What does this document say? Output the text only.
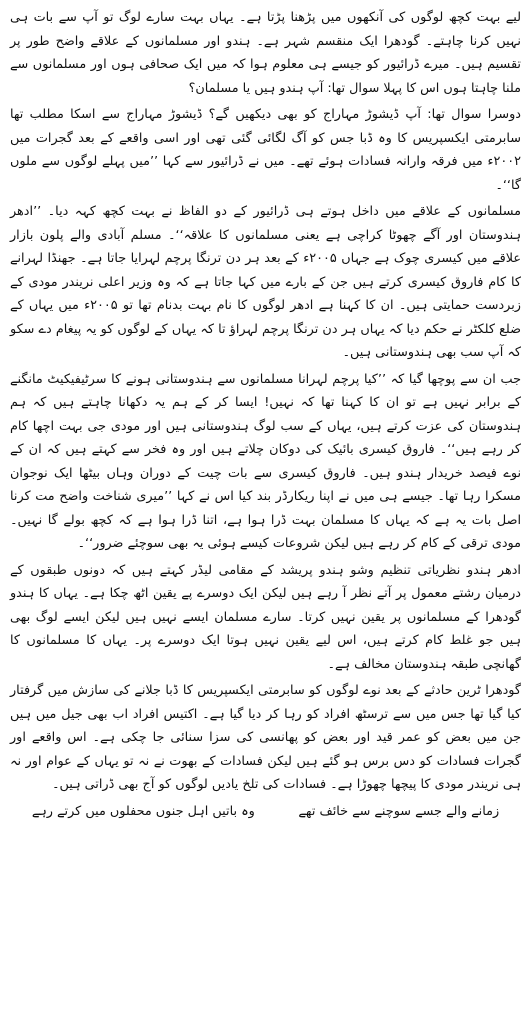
لیے بہت کچھ لوگوں کی آنکھوں میں پڑھنا پڑتا ہے۔ یہاں بہت سارے لوگ تو آپ سے بات ہی نہیں کرنا چاہتے۔ گودھرا ایک منقسم شہر ہے۔ ہندو اور مسلمانوں کے علاقے واضح طور پر تقسیم ہیں۔ میرے ڈرائیور کو جیسے ہی معلوم ہوا کہ میں ایک صحافی ہوں اور مسلمانوں سے ملنا چاہتا ہوں اس کا پہلا سوال تھا: آپ ہندو ہیں یا مسلمان؟

دوسرا سوال تھا: آپ ڈیشوڑ مہاراج کو بھی دیکھیں گے؟ ڈیشوڑ مہاراج سے اسکا مطلب تھا سابرمتی ایکسپریس کا وہ ڈبا جس کو آگ لگائی گئی تھی اور اسی واقعے کے بعد گجرات میں ۲۰۰۲ء میں فرقہ وارانہ فسادات ہوئے تھے۔ میں نے ڈرائیور سے کہا ’’میں پہلے لوگوں سے ملوں گا‘‘۔

مسلمانوں کے علاقے میں داخل ہوتے ہی ڈرائیور کے دو الفاظ نے بہت کچھ کہہ دیا۔ ’’ادھر ہندوستان اور آگے چھوٹا کراچی ہے یعنی مسلمانوں کا علاقہ‘‘۔ مسلم آبادی والے پلون بازار علاقے میں کیسری چوک ہے جہاں ۲۰۰۵ء کے بعد ہر دن ترنگا پرچم لہرایا جاتا ہے۔ جھنڈا لہرانے کا کام فاروق کیسری کرتے ہیں جن کے بارے میں کہا جاتا ہے کہ وہ وزیر اعلی نریندر مودی کے زبردست حمایتی ہیں۔ ان کا کہنا ہے ادھر لوگوں کا نام بہت بدنام تھا تو ۲۰۰۵ء میں یہاں کے ضلع کلکٹر نے حکم دیا کہ یہاں ہر دن ترنگا پرچم لہراؤ تا کہ یہاں کے لوگوں کو یہ پیغام دے سکو کہ آپ سب بھی ہندوستانی ہیں۔

جب ان سے پوچھا گیا کہ ’’کیا پرچم لہرانا مسلمانوں سے ہندوستانی ہونے کا سرٹیفیکیٹ مانگنے کے برابر نہیں ہے تو ان کا کہنا تھا کہ نہیں! ایسا کر کے ہم یہ دکھانا چاہتے ہیں کہ ہم ہندوستان کی عزت کرتے ہیں، یہاں کے سب لوگ ہندوستانی ہیں اور مودی جی بہت اچھا کام کر رہے ہیں‘‘۔ فاروق کیسری بائیک کی دوکان چلاتے ہیں اور وہ فخر سے کہتے ہیں کہ ان کے نوے فیصد خریدار ہندو ہیں۔ فاروق کیسری سے بات چیت کے دوران وہاں بیٹھا ایک نوجوان مسکرا رہا تھا۔ جیسے ہی میں نے اپنا ریکارڈر بند کیا اس نے کہا ’’میری شناخت واضح مت کرنا اصل بات یہ ہے کہ یہاں کا مسلمان بہت ڈرا ہوا ہے، اتنا ڈرا ہوا ہے کہ کچھ بولے گا نہیں۔ مودی ترقی کے کام کر رہے ہیں لیکن شروعات کیسے ہوئی یہ بھی سوچئے ضرور‘‘۔

ادھر ہندو نظریاتی تنظیم وشو ہندو پریشد کے مقامی لیڈر کہتے ہیں کہ دونوں طبقوں کے درمیان رشتے معمول پر آتے نظر آ رہے ہیں لیکن ایک دوسرے پے یقین اٹھ چکا ہے۔ یہاں کا ہندو گودھرا کے مسلمانوں پر یقین نہیں کرتا۔ سارے مسلمان ایسے نہیں ہیں لیکن ایسے لوگ بھی ہیں جو غلط کام کرتے ہیں، اس لیے یقین نہیں ہوتا ایک دوسرے پر۔ یہاں کا مسلمانوں کا گھانچی طبقہ ہندوستان مخالف ہے۔

گودھرا ٹرین حادثے کے بعد نوے لوگوں کو سابرمتی ایکسپریس کا ڈبا جلانے کی سازش میں گرفتار کیا گیا تھا جس میں سے ترسٹھ افراد کو رہا کر دیا گیا ہے۔ اکتیس افراد اب بھی جیل میں ہیں جن میں بعض کو عمر قید اور بعض کو پھانسی کی سزا سنائی جا چکی ہے۔ اس واقعے اور گجرات فسادات کو دس برس ہو گئے ہیں لیکن فسادات کے بھوت نے نہ تو یہاں کے عوام اور نہ ہی نریندر مودی کا پیچھا چھوڑا ہے۔ فسادات کی تلخ یادیں لوگوں کو آج بھی ڈراتی ہیں۔

زمانے والے جسے سوچنے سے خائف تھے
وہ باتیں اہل جنوں محفلوں میں کرتے رہے
